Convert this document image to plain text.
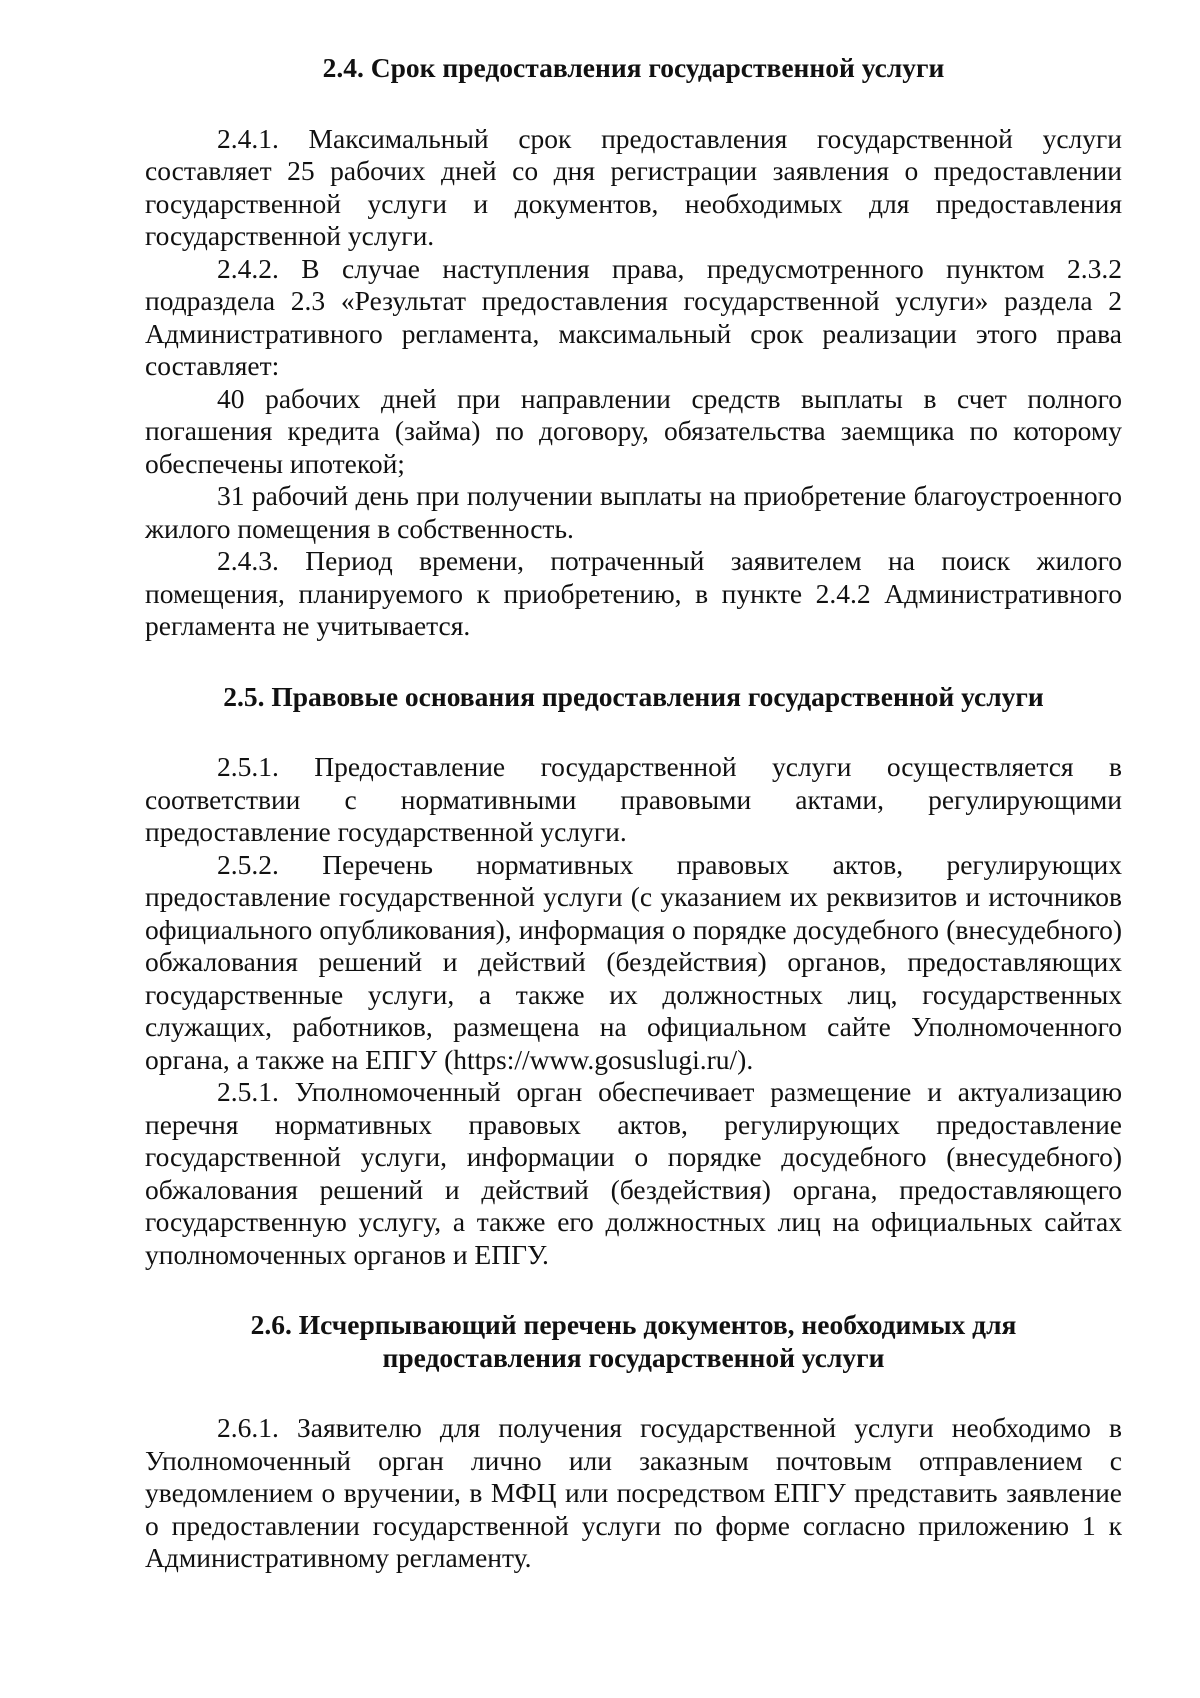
2.4. Срок предоставления государственной услуги

2.4.1. Максимальный срок предоставления государственной услуги составляет 25 рабочих дней со дня регистрации заявления о предоставлении государственной услуги и документов, необходимых для предоставления государственной услуги.

2.4.2. В случае наступления права, предусмотренного пунктом 2.3.2 подраздела 2.3 «Результат предоставления государственной услуги» раздела 2 Административного регламента, максимальный срок реализации этого права составляет:

40 рабочих дней при направлении средств выплаты в счет полного погашения кредита (займа) по договору, обязательства заемщика по которому обеспечены ипотекой;

31 рабочий день при получении выплаты на приобретение благоустроенного жилого помещения в собственность.

2.4.3. Период времени, потраченный заявителем на поиск жилого помещения, планируемого к приобретению, в пункте 2.4.2 Административного регламента не учитывается.

2.5. Правовые основания предоставления государственной услуги

2.5.1. Предоставление государственной услуги осуществляется в соответствии с нормативными правовыми актами, регулирующими предоставление государственной услуги.

2.5.2. Перечень нормативных правовых актов, регулирующих предоставление государственной услуги (с указанием их реквизитов и источников официального опубликования), информация о порядке досудебного (внесудебного) обжалования решений и действий (бездействия) органов, предоставляющих государственные услуги, а также их должностных лиц, государственных служащих, работников, размещена на официальном сайте Уполномоченного органа, а также на ЕПГУ (https://www.gosuslugi.ru/).

2.5.1. Уполномоченный орган обеспечивает размещение и актуализацию перечня нормативных правовых актов, регулирующих предоставление государственной услуги, информации о порядке досудебного (внесудебного) обжалования решений и действий (бездействия) органа, предоставляющего государственную услугу, а также его должностных лиц на официальных сайтах уполномоченных органов и ЕПГУ.

2.6. Исчерпывающий перечень документов, необходимых для
предоставления государственной услуги

2.6.1. Заявителю для получения государственной услуги необходимо в Уполномоченный орган лично или заказным почтовым отправлением с уведомлением о вручении, в МФЦ или посредством ЕПГУ представить заявление о предоставлении государственной услуги по форме согласно приложению 1 к Административному регламенту.
